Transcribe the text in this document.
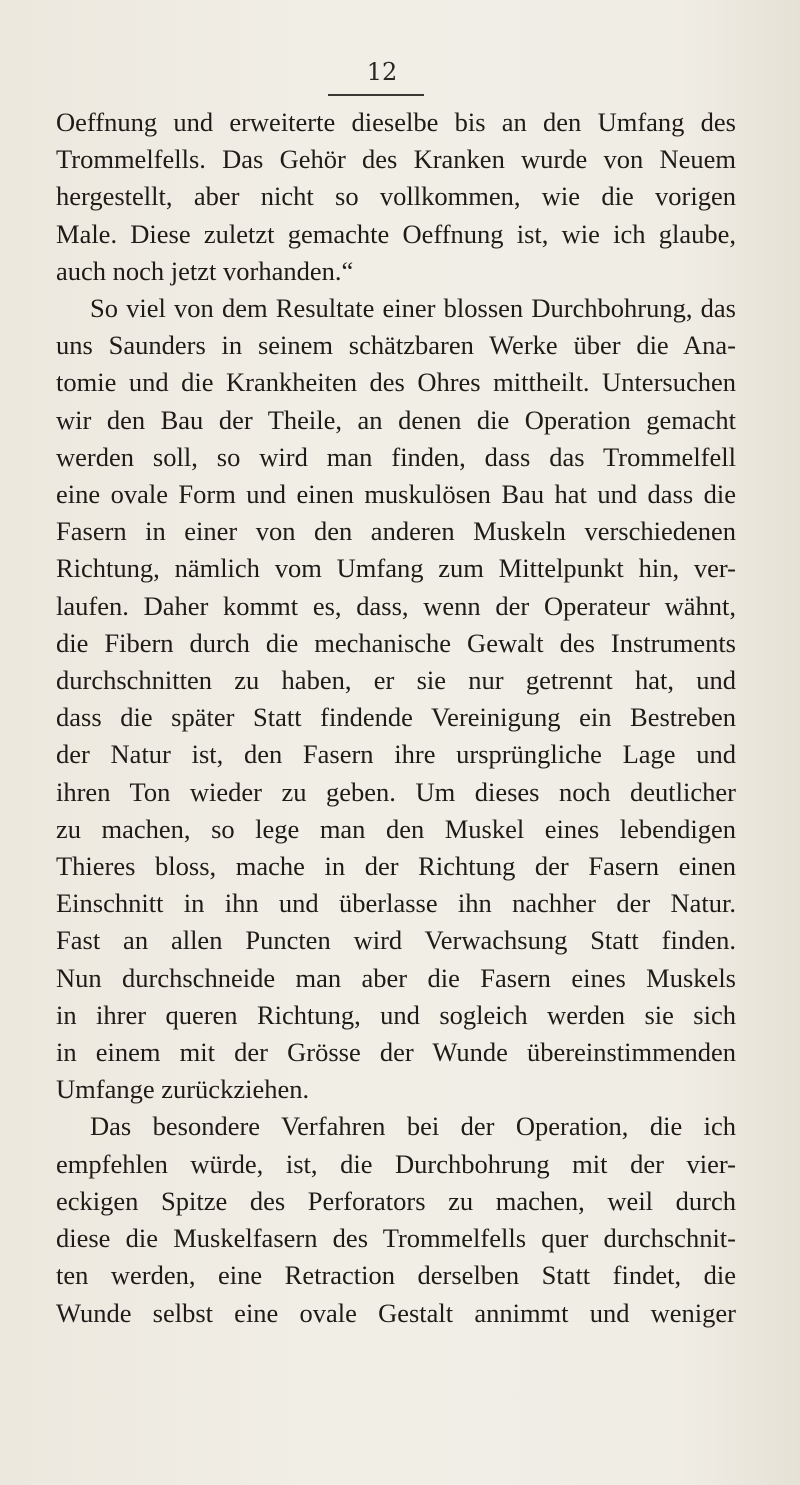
12
Oeffnung und erweiterte dieselbe bis an den Umfang des
Trommelfells. Das Gehör des Kranken wurde von Neuem
hergestellt, aber nicht so vollkommen, wie die vorigen
Male. Diese zuletzt gemachte Oeffnung ist, wie ich glaube,
auch noch jetzt vorhanden.“
So viel von dem Resultate einer blossen Durchbohrung, das
uns Saunders in seinem schätzbaren Werke über die Ana-
tomie und die Krankheiten des Ohres mittheilt. Untersuchen
wir den Bau der Theile, an denen die Operation gemacht
werden soll, so wird man finden, dass das Trommelfell
eine ovale Form und einen muskulösen Bau hat und dass die
Fasern in einer von den anderen Muskeln verschiedenen
Richtung, nämlich vom Umfang zum Mittelpunkt hin, ver-
laufen. Daher kommt es, dass, wenn der Operateur wähnt,
die Fibern durch die mechanische Gewalt des Instruments
durchschnitten zu haben, er sie nur getrennt hat, und
dass die später Statt findende Vereinigung ein Bestreben
der Natur ist, den Fasern ihre ursprüngliche Lage und
ihren Ton wieder zu geben. Um dieses noch deutlicher
zu machen, so lege man den Muskel eines lebendigen
Thieres bloss, mache in der Richtung der Fasern einen
Einschnitt in ihn und überlasse ihn nachher der Natur.
Fast an allen Puncten wird Verwachsung Statt finden.
Nun durchschneide man aber die Fasern eines Muskels
in ihrer queren Richtung, und sogleich werden sie sich
in einem mit der Grösse der Wunde übereinstimmenden
Umfange zurückziehen.
Das besondere Verfahren bei der Operation, die ich
empfehlen würde, ist, die Durchbohrung mit der vier-
eckigen Spitze des Perforators zu machen, weil durch
diese die Muskelfasern des Trommelfells quer durchschnit-
ten werden, eine Retraction derselben Statt findet, die
Wunde selbst eine ovale Gestalt annimmt und weniger
